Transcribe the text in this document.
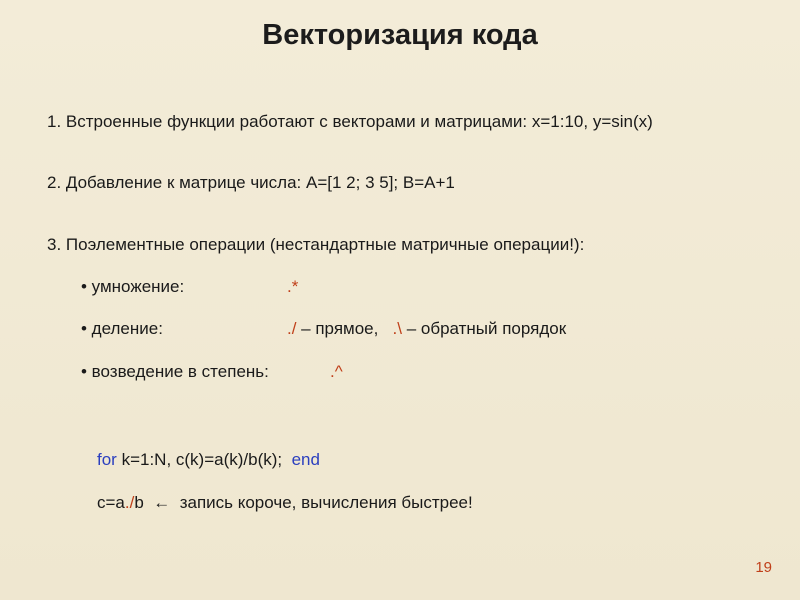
Векторизация кода
1. Встроенные функции работают с векторами и матрицами: x=1:10, y=sin(x)
2. Добавление к матрице числа: A=[1 2; 3 5]; B=A+1
3. Поэлементные операции (нестандартные матричные операции!):
• умножение:	.*
• деление:	./ – прямое,   .\ – обратный порядок
• возведение в степень:	.^
for k=1:N, c(k)=a(k)/b(k);  end
c=a./b  ←  запись короче, вычисления быстрее!
19
